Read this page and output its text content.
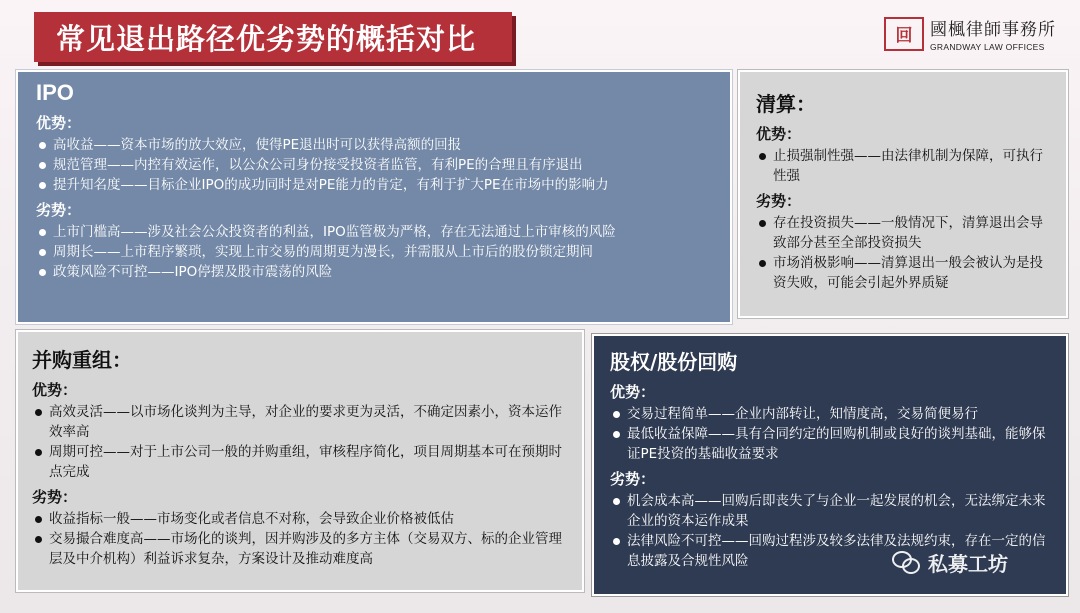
常见退出路径优劣势的概括对比	回	國楓律師事務所
GRANDWAY LAW OFFICES
IPO
优势：
高收益——资本市场的放大效应，使得PE退出时可以获得高额的回报
规范管理——内控有效运作，以公众公司身份接受投资者监管，有利PE的合理且有序退出
提升知名度——目标企业IPO的成功同时是对PE能力的肯定，有利于扩大PE在市场中的影响力
劣势：
上市门槛高——涉及社会公众投资者的利益，IPO监管极为严格，存在无法通过上市审核的风险
周期长——上市程序繁琐，实现上市交易的周期更为漫长，并需服从上市后的股份锁定期间
政策风险不可控——IPO停摆及股市震荡的风险
清算：
优势：
止损强制性强——由法律机制为保障，可执行性强
劣势：
存在投资损失——一般情况下，清算退出会导致部分甚至全部投资损失
市场消极影响——清算退出一般会被认为是投资失败，可能会引起外界质疑
并购重组：
优势：
高效灵活——以市场化谈判为主导，对企业的要求更为灵活，不确定因素小，资本运作效率高
周期可控——对于上市公司一般的并购重组，审核程序简化，项目周期基本可在预期时点完成
劣势：
收益指标一般——市场变化或者信息不对称，会导致企业价格被低估
交易撮合难度高——市场化的谈判，因并购涉及的多方主体（交易双方、标的企业管理层及中介机构）利益诉求复杂，方案设计及推动难度高
股权/股份回购
优势：
交易过程简单——企业内部转让，知情度高，交易简便易行
最低收益保障——具有合同约定的回购机制或良好的谈判基础，能够保证PE投资的基础收益要求
劣势：
机会成本高——回购后即丧失了与企业一起发展的机会，无法绑定未来企业的资本运作成果
法律风险不可控——回购过程涉及较多法律及法规约束，存在一定的信息披露及合规性风险	私募工坊
